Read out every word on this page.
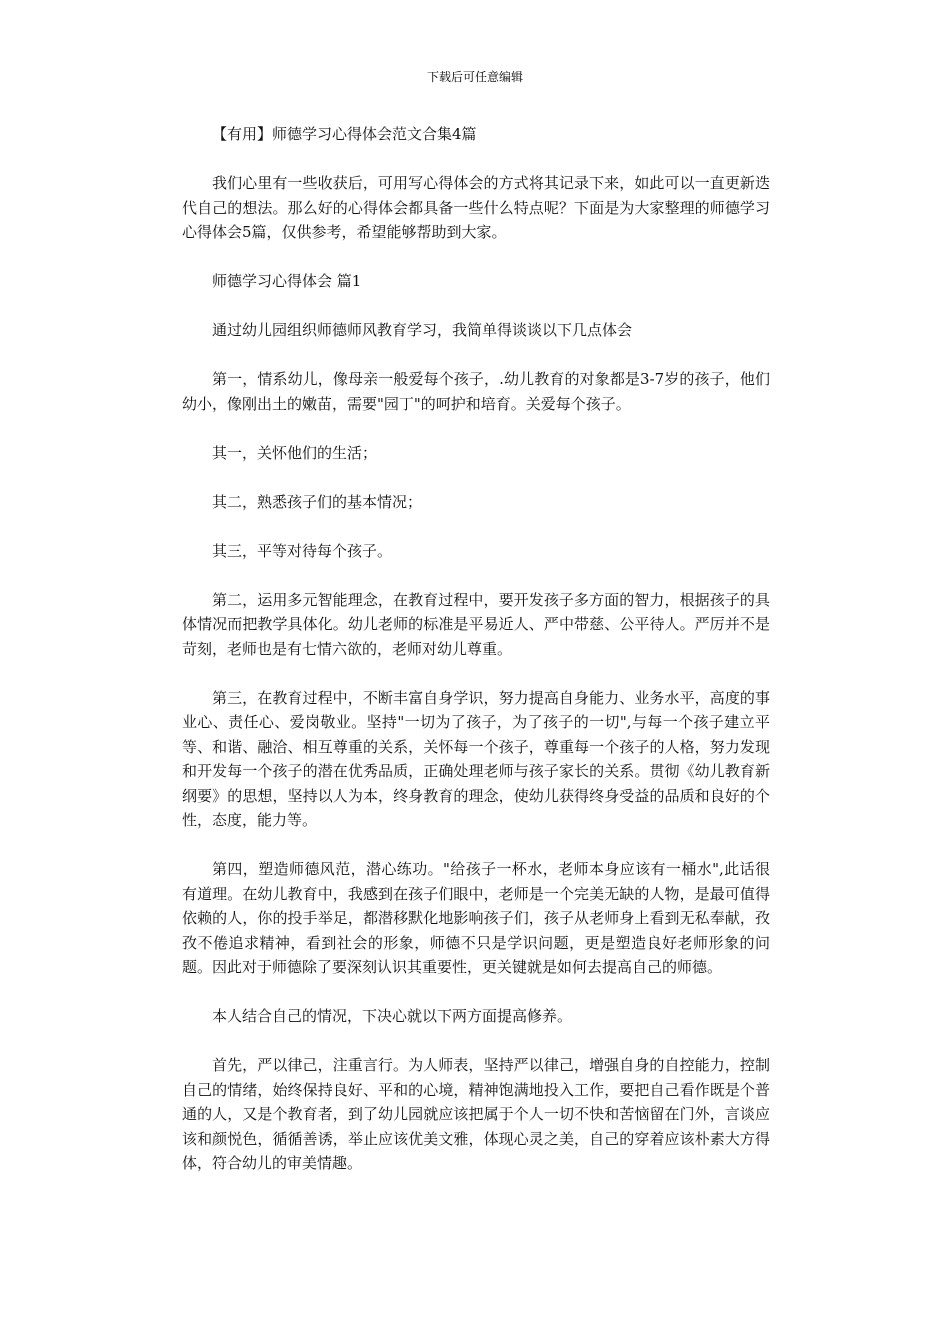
下载后可任意编辑

【有用】师德学习心得体会范文合集4篇

我们心里有一些收获后，可用写心得体会的方式将其记录下来，如此可以一直更新迭代自己的想法。那么好的心得体会都具备一些什么特点呢？下面是为大家整理的师德学习心得体会5篇，仅供参考，希望能够帮助到大家。

师德学习心得体会 篇1

通过幼儿园组织师德师风教育学习，我简单得谈谈以下几点体会

第一，情系幼儿，像母亲一般爱每个孩子，.幼儿教育的对象都是3-7岁的孩子，他们幼小，像刚出土的嫩苗，需要"园丁"的呵护和培育。关爱每个孩子。

其一，关怀他们的生活；

其二，熟悉孩子们的基本情况；

其三，平等对待每个孩子。

第二，运用多元智能理念，在教育过程中，要开发孩子多方面的智力，根据孩子的具体情况而把教学具体化。幼儿老师的标准是平易近人、严中带慈、公平待人。严厉并不是苛刻，老师也是有七情六欲的，老师对幼儿尊重。

第三，在教育过程中，不断丰富自身学识，努力提高自身能力、业务水平，高度的事业心、责任心、爱岗敬业。坚持"一切为了孩子，为了孩子的一切",与每一个孩子建立平等、和谐、融洽、相互尊重的关系，关怀每一个孩子，尊重每一个孩子的人格，努力发现和开发每一个孩子的潜在优秀品质，正确处理老师与孩子家长的关系。贯彻《幼儿教育新纲要》的思想，坚持以人为本，终身教育的理念，使幼儿获得终身受益的品质和良好的个性，态度，能力等。

第四，塑造师德风范，潜心练功。"给孩子一杯水，老师本身应该有一桶水",此话很有道理。在幼儿教育中，我感到在孩子们眼中，老师是一个完美无缺的人物，是最可值得依赖的人，你的投手举足，都潜移默化地影响孩子们，孩子从老师身上看到无私奉献，孜孜不倦追求精神，看到社会的形象，师德不只是学识问题，更是塑造良好老师形象的问题。因此对于师德除了要深刻认识其重要性，更关键就是如何去提高自己的师德。

本人结合自己的情况，下决心就以下两方面提高修养。

首先，严以律己，注重言行。为人师表，坚持严以律己，增强自身的自控能力，控制自己的情绪，始终保持良好、平和的心境，精神饱满地投入工作，要把自己看作既是个普通的人，又是个教育者，到了幼儿园就应该把属于个人一切不快和苦恼留在门外，言谈应该和颜悦色，循循善诱，举止应该优美文雅，体现心灵之美，自己的穿着应该朴素大方得体，符合幼儿的审美情趣。
